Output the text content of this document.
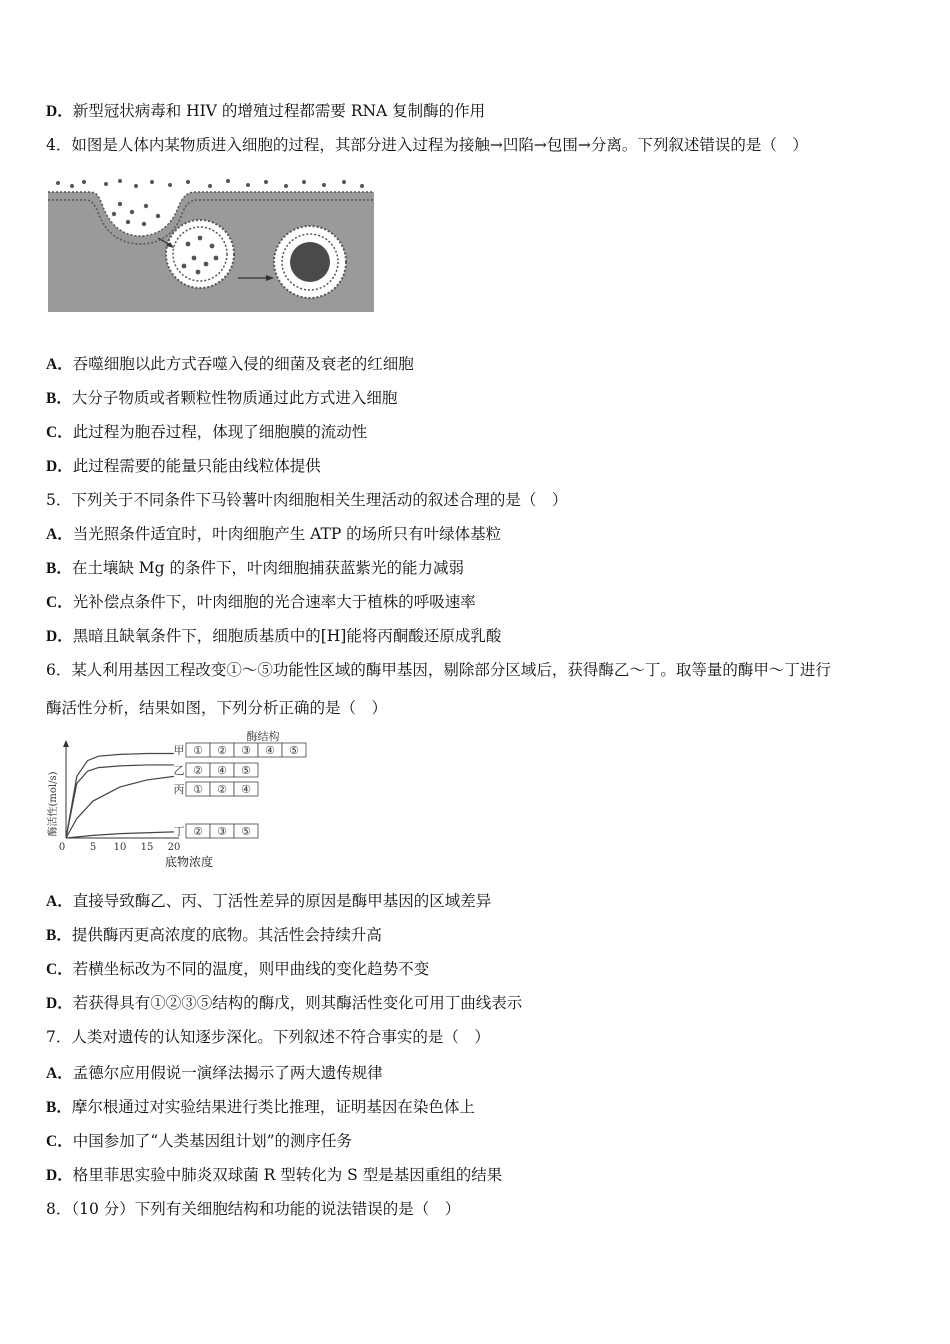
D．新型冠状病毒和 HIV 的增殖过程都需要 RNA 复制酶的作用
4．如图是人体内某物质进入细胞的过程，其部分进入过程为接触→凹陷→包围→分离。下列叙述错误的是（　）
A．吞噬细胞以此方式吞噬入侵的细菌及衰老的红细胞
B．大分子物质或者颗粒性物质通过此方式进入细胞
C．此过程为胞吞过程，体现了细胞膜的流动性
D．此过程需要的能量只能由线粒体提供
5．下列关于不同条件下马铃薯叶肉细胞相关生理活动的叙述合理的是（　）
A．当光照条件适宜时，叶肉细胞产生 ATP 的场所只有叶绿体基粒
B．在土壤缺 Mg 的条件下，叶肉细胞捕获蓝紫光的能力减弱
C．光补偿点条件下，叶肉细胞的光合速率大于植株的呼吸速率
D．黑暗且缺氧条件下，细胞质基质中的[H]能将丙酮酸还原成乳酸
6．某人利用基因工程改变①～⑤功能性区域的酶甲基因，剔除部分区域后，获得酶乙～丁。取等量的酶甲～丁进行
酶活性分析，结果如图，下列分析正确的是（　）
酶结构
酶活性(mol/s)
底物浓度
0 5 10 15 20
甲 ① ② ③ ④ ⑤
乙 ② ④ ⑤
丙 ① ② ④
丁 ② ③ ⑤
A．直接导致酶乙、丙、丁活性差异的原因是酶甲基因的区域差异
B．提供酶丙更高浓度的底物。其活性会持续升高
C．若横坐标改为不同的温度，则甲曲线的变化趋势不变
D．若获得具有①②③⑤结构的酶戊，则其酶活性变化可用丁曲线表示
7．人类对遗传的认知逐步深化。下列叙述不符合事实的是（　）
A．孟德尔应用假说一演绎法揭示了两大遗传规律
B．摩尔根通过对实验结果进行类比推理，证明基因在染色体上
C．中国参加了“人类基因组计划”的测序任务
D．格里菲思实验中肺炎双球菌 R 型转化为 S 型是基因重组的结果
8．（10 分）下列有关细胞结构和功能的说法错误的是（　）
